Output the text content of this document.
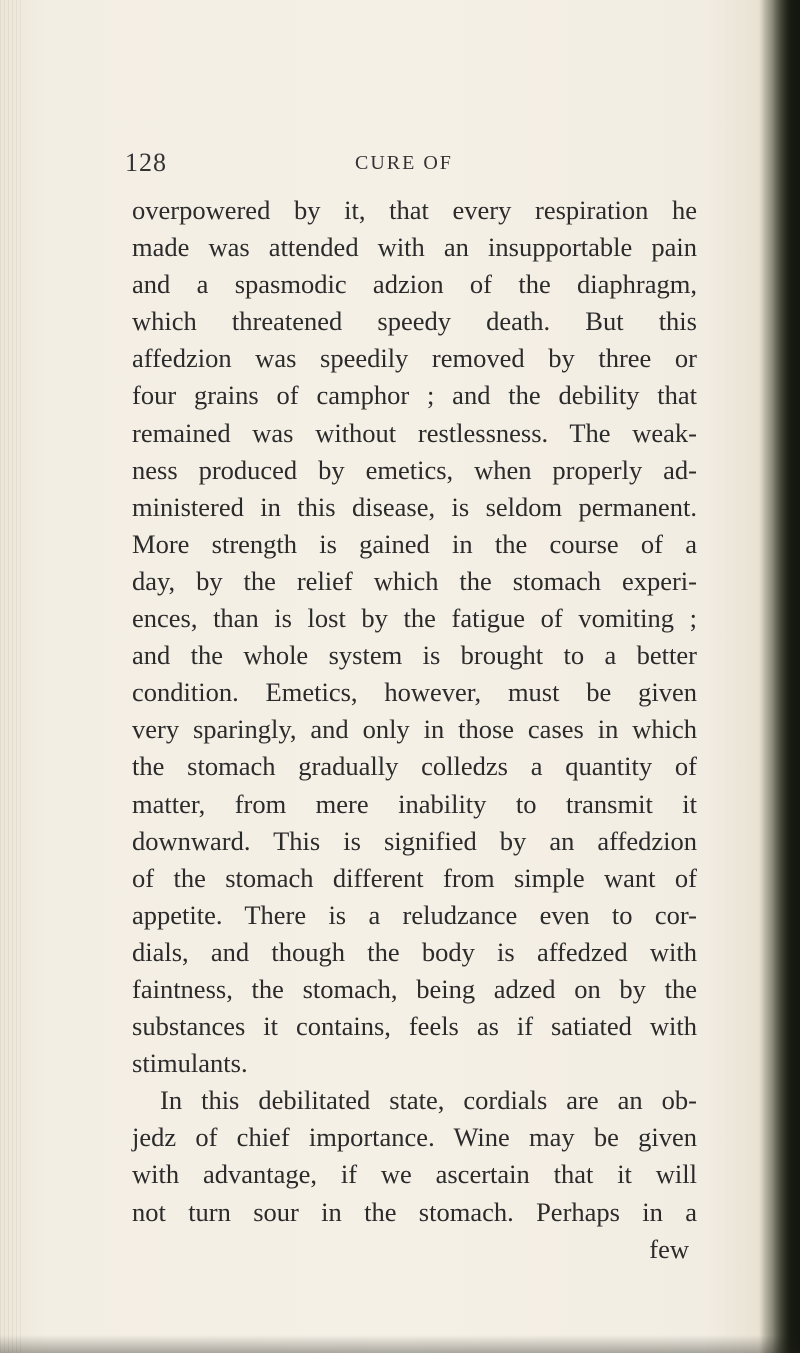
128	CURE OF
overpowered by it, that every respiration he
made was attended with an insupportable pain
and a spasmodic aǳion of the diaphragm,
which threatened speedy death. But this
affeǳion was speedily removed by three or
four grains of camphor ; and the debility that
remained was without restlessness. The weak-
ness produced by emetics, when properly ad-
ministered in this disease, is seldom permanent.
More strength is gained in the course of a
day, by the relief which the stomach experi-
ences, than is lost by the fatigue of vomiting ;
and the whole system is brought to a better
condition. Emetics, however, must be given
very sparingly, and only in those cases in which
the stomach gradually colleǳs a quantity of
matter, from mere inability to transmit it
downward. This is signified by an affeǳion
of the stomach different from simple want of
appetite. There is a reluǳance even to cor-
dials, and though the body is affeǳed with
faintness, the stomach, being aǳed on by the
substances it contains, feels as if satiated with
stimulants.
In this debilitated state, cordials are an ob-
jeǳ of chief importance. Wine may be given
with advantage, if we ascertain that it will
not turn sour in the stomach. Perhaps in a
few
